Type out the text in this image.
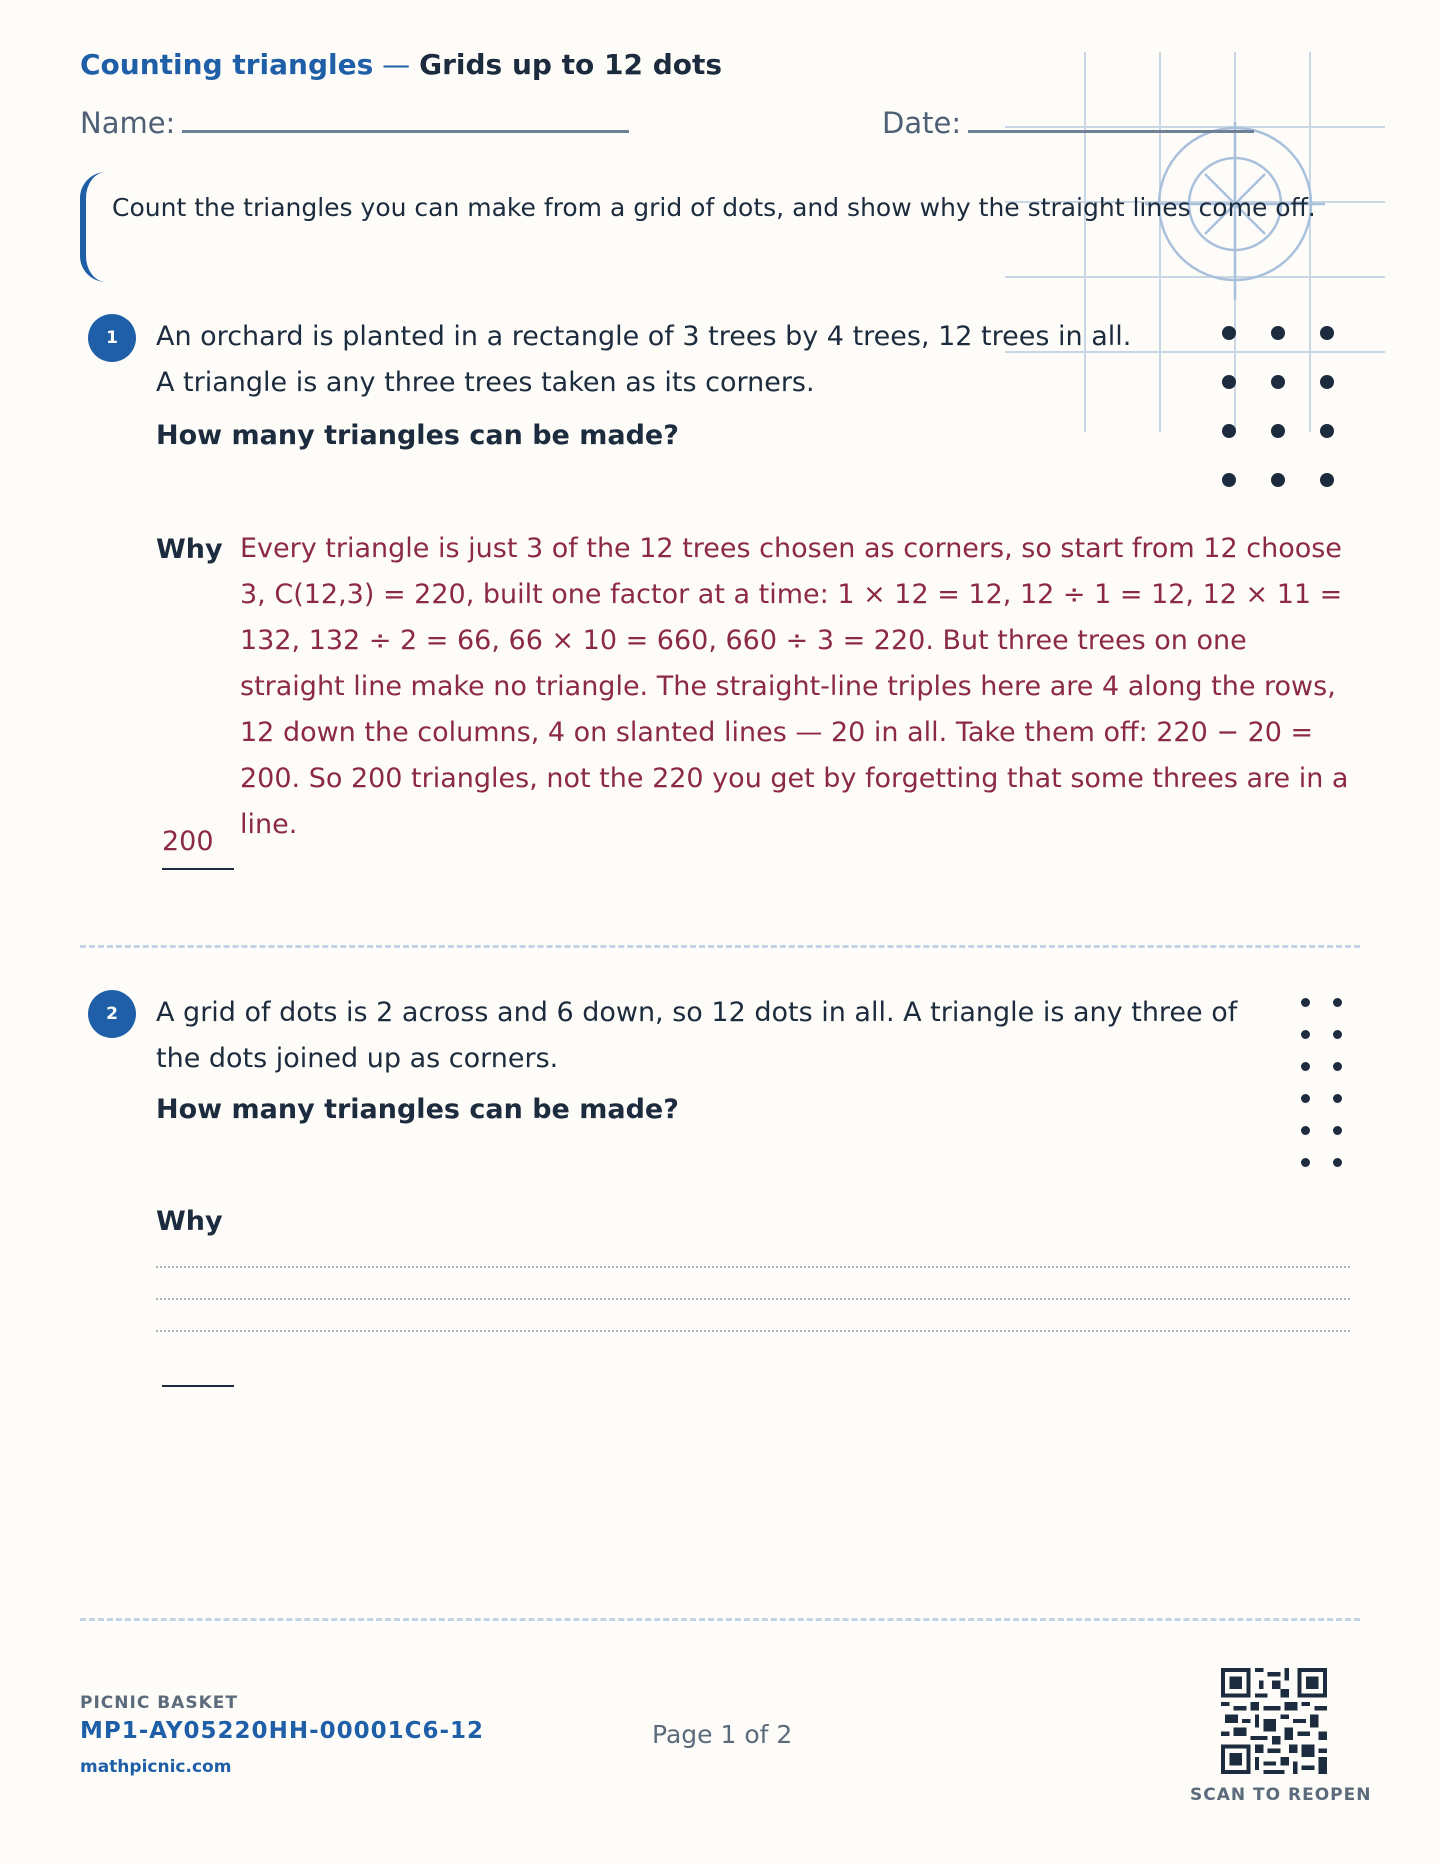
Counting triangles — Grids up to 12 dots
Name:	Date:
Count the triangles you can make from a grid of dots, and show why the straight lines come off.
1	An orchard is planted in a rectangle of 3 trees by 4 trees, 12 trees in all. A triangle is any three trees taken as its corners.
How many triangles can be made?
Why Every triangle is just 3 of the 12 trees chosen as corners, so start from 12 choose 3, C(12,3) = 220, built one factor at a time: 1 × 12 = 12, 12 ÷ 1 = 12, 12 × 11 = 132, 132 ÷ 2 = 66, 66 × 10 = 660, 660 ÷ 3 = 220. But three trees on one straight line make no triangle. The straight-line triples here are 4 along the rows, 12 down the columns, 4 on slanted lines — 20 in all. Take them off: 220 − 20 = 200. So 200 triangles, not the 220 you get by forgetting that some threes are in a line.
200
2	A grid of dots is 2 across and 6 down, so 12 dots in all. A triangle is any three of the dots joined up as corners.
How many triangles can be made?
Why
PICNIC BASKET
MP1-AY05220HH-00001C6-12
mathpicnic.com
Page 1 of 2
SCAN TO REOPEN
